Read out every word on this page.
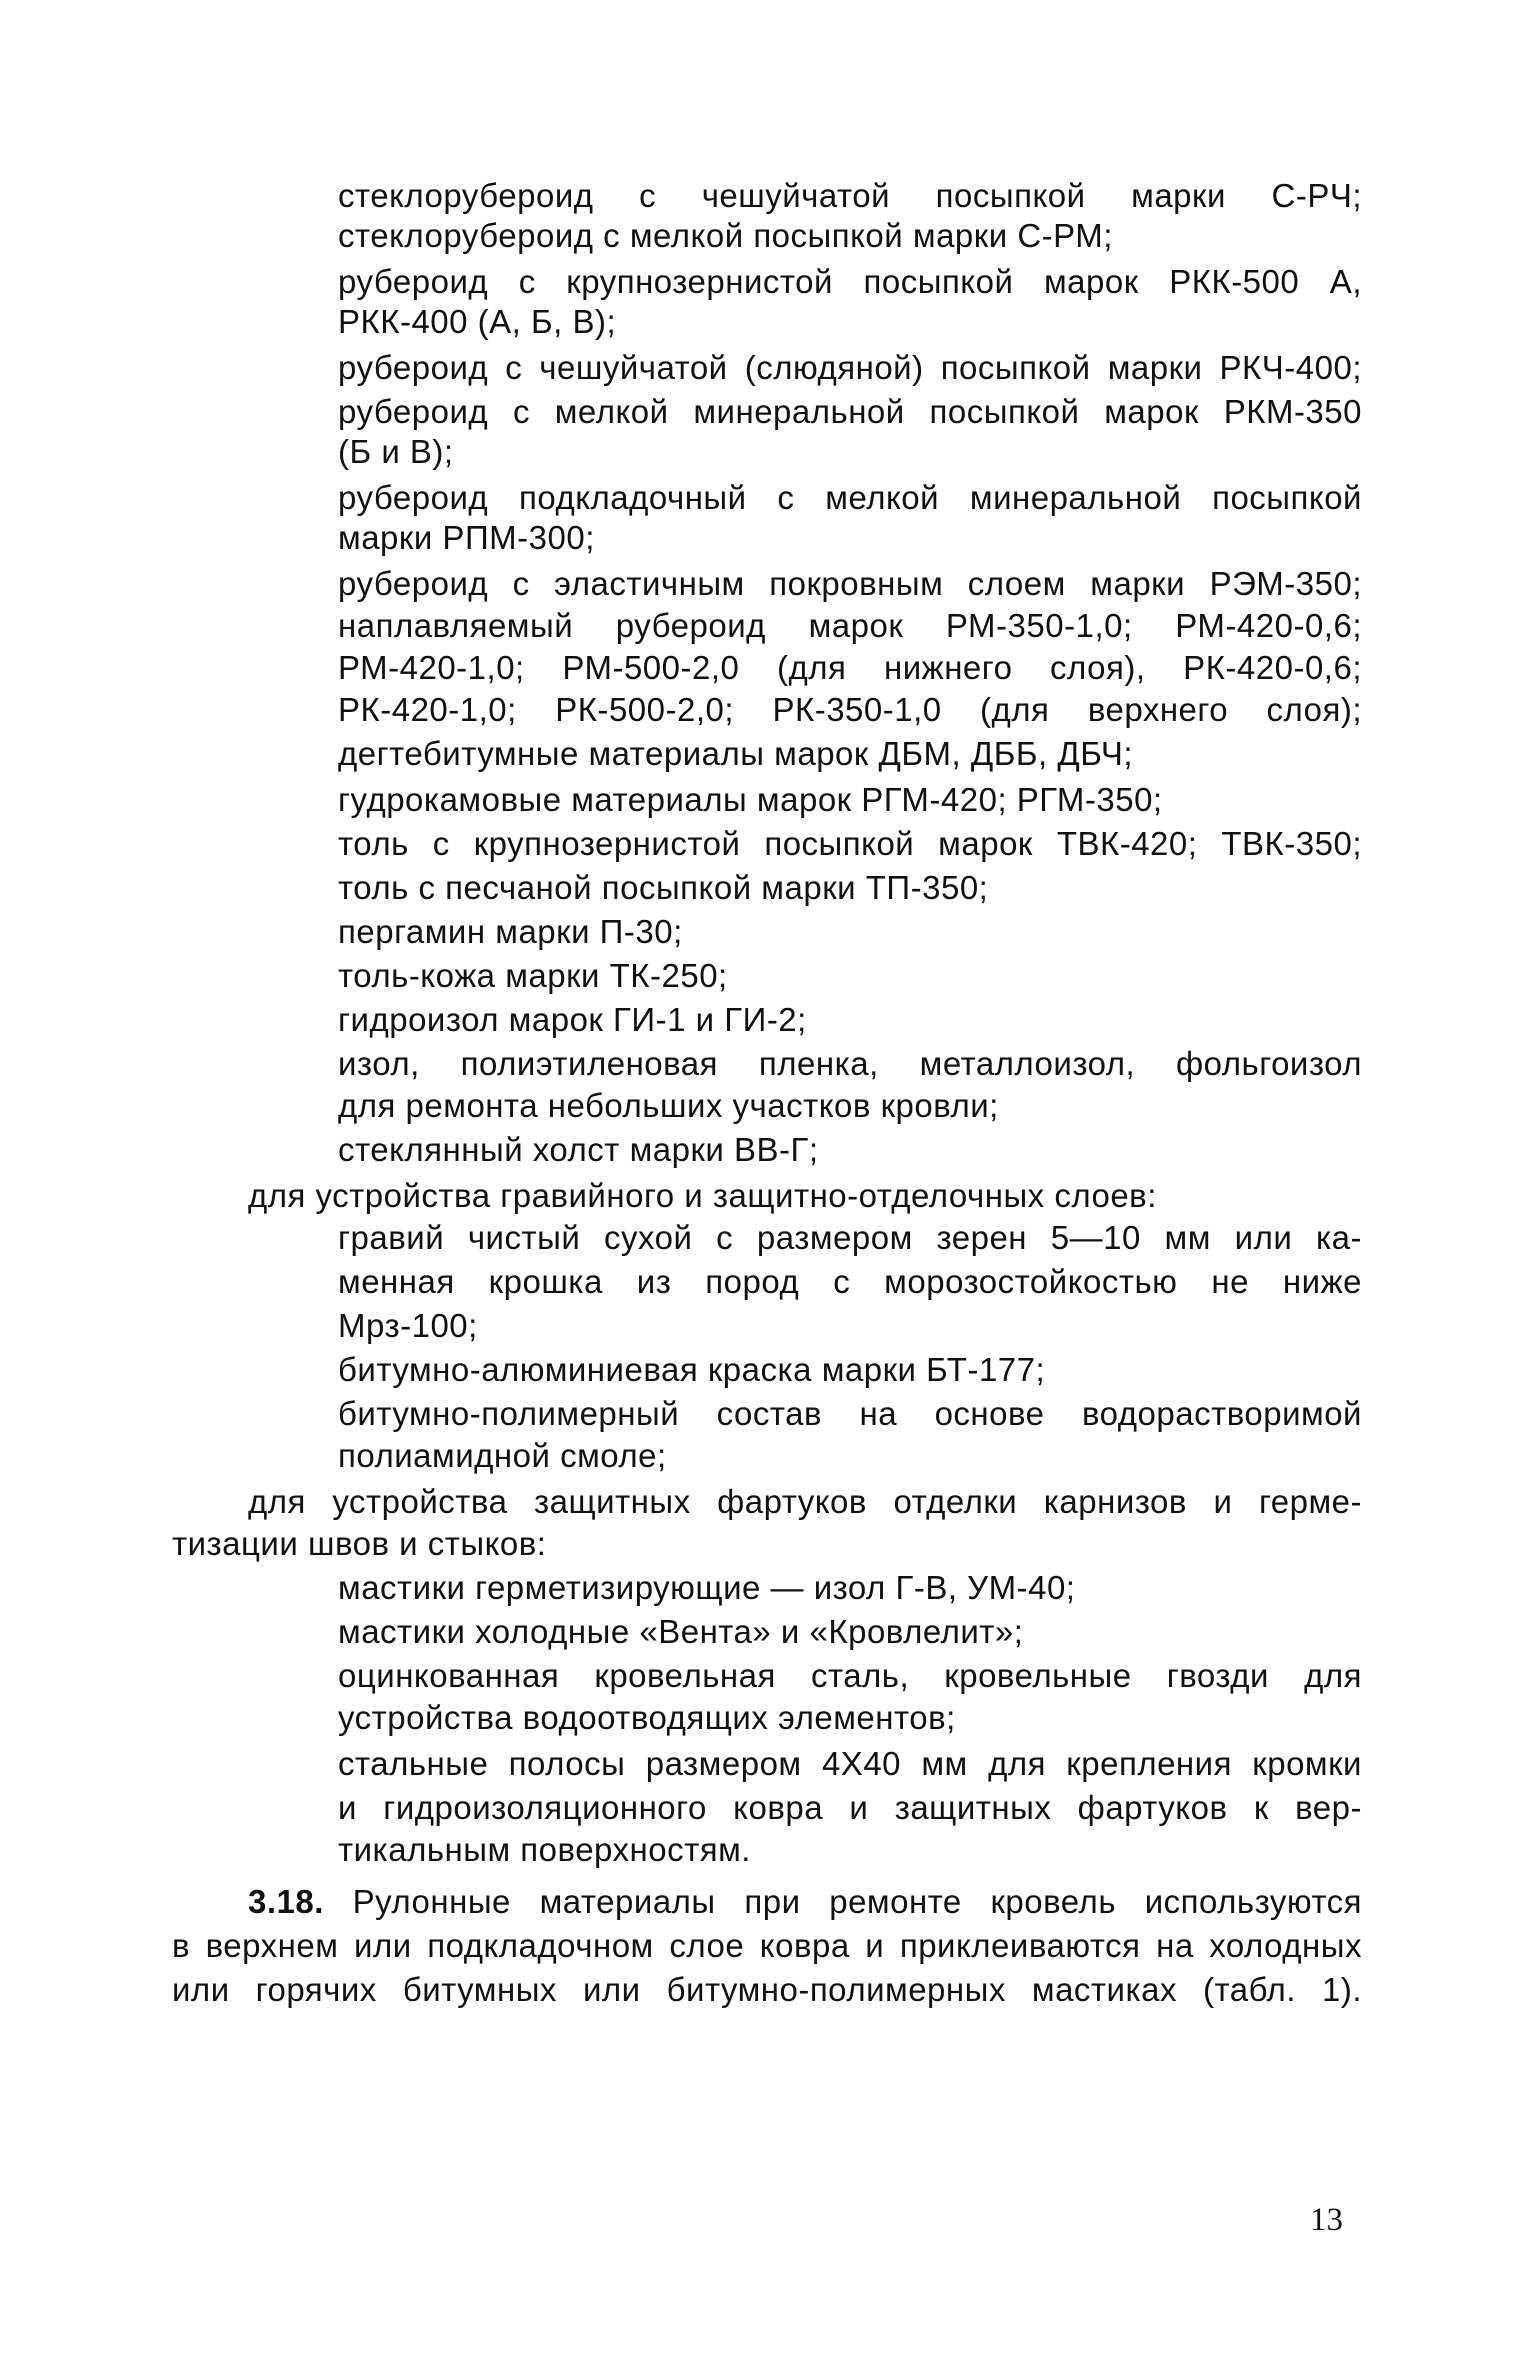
стеклорубероид с чешуйчатой посыпкой марки С-РЧ;
стеклорубероид с мелкой посыпкой марки С-РМ;
рубероид с крупнозернистой посыпкой марок РКК-500 А,
РКК-400 (А, Б, В);
рубероид с чешуйчатой (слюдяной) посыпкой марки РКЧ-400;
рубероид с мелкой минеральной посыпкой марок РКМ-350
(Б и В);
рубероид подкладочный с мелкой минеральной посыпкой
марки РПМ-300;
рубероид с эластичным покровным слоем марки РЭМ-350;
наплавляемый рубероид марок РМ-350-1,0; РМ-420-0,6;
РМ-420-1,0; РМ-500-2,0 (для нижнего слоя), РК-420-0,6;
РК-420-1,0; РК-500-2,0; РК-350-1,0 (для верхнего слоя);
дегтебитумные материалы марок ДБМ, ДББ, ДБЧ;
гудрокамовые материалы марок РГМ-420; РГМ-350;
толь с крупнозернистой посыпкой марок ТВК-420; ТВК-350;
толь с песчаной посыпкой марки ТП-350;
пергамин марки П-30;
толь-кожа марки ТК-250;
гидроизол марок ГИ-1 и ГИ-2;
изол, полиэтиленовая пленка, металлоизол, фольгоизол
для ремонта небольших участков кровли;
стеклянный холст марки ВВ-Г;
для устройства гравийного и защитно-отделочных слоев:
гравий чистый сухой с размером зерен 5—10 мм или ка-
менная крошка из пород с морозостойкостью не ниже
Мрз-100;
битумно-алюминиевая краска марки БТ-177;
битумно-полимерный состав на основе водорастворимой
полиамидной смоле;
для устройства защитных фартуков отделки карнизов и герме-
тизации швов и стыков:
мастики герметизирующие — изол Г-В, УМ-40;
мастики холодные «Вента» и «Кровлелит»;
оцинкованная кровельная сталь, кровельные гвозди для
устройства водоотводящих элементов;
стальные полосы размером 4Х40 мм для крепления кромки
и гидроизоляционного ковра и защитных фартуков к вер-
тикальным поверхностям.
3.18. Рулонные материалы при ремонте кровель используются
в верхнем или подкладочном слое ковра и приклеиваются на холодных
или горячих битумных или битумно-полимерных мастиках (табл. 1).
13
